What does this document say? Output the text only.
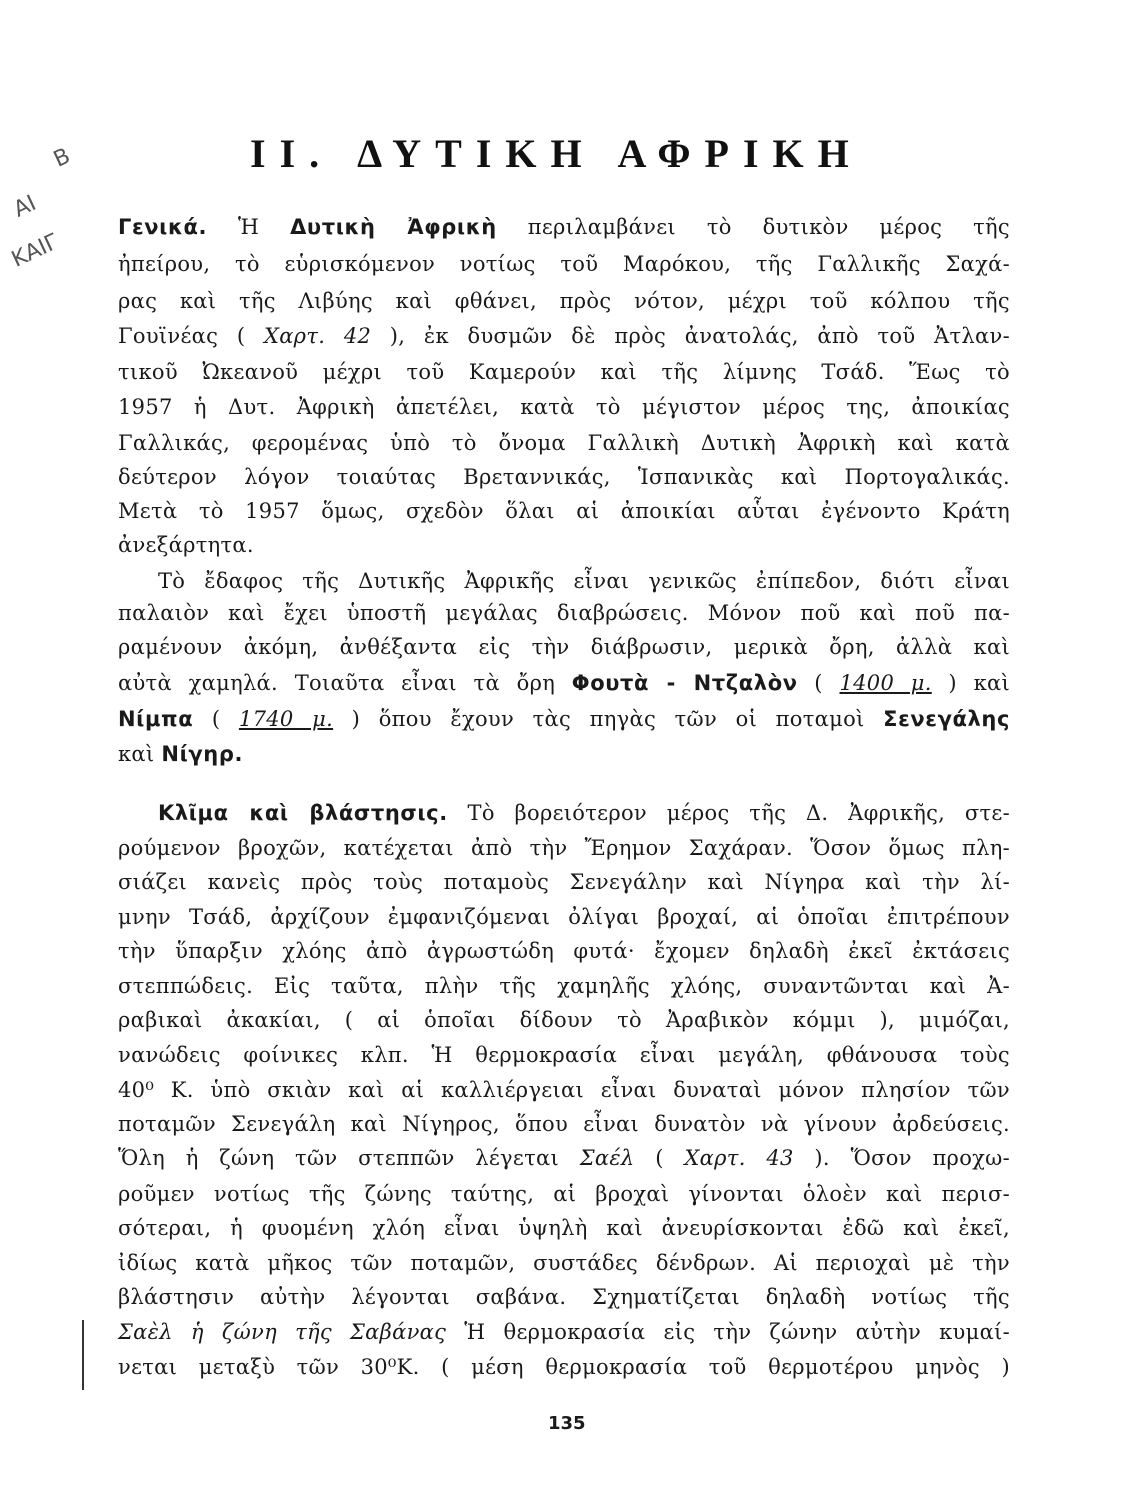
ΑΙ
ΚΑΙΓ
Β	II. ΔΥΤΙΚΗ ΑΦΡΙΚΗ
Γενικά. Ἡ Δυτικὴ Ἀφρικὴ περιλαμβάνει τὸ δυτικὸν μέρος τῆς
ἠπείρου, τὸ εὑρισκόμενον νοτίως τοῦ Μαρόκου, τῆς Γαλλικῆς Σαχά-
ρας καὶ τῆς Λιβύης καὶ φθάνει, πρὸς νότον, μέχρι τοῦ κόλπου τῆς
Γουϊνέας ( Χαρτ. 42 ), ἐκ δυσμῶν δὲ πρὸς ἀνατολάς, ἀπὸ τοῦ Ἀτλαν-
τικοῦ Ὠκεανοῦ μέχρι τοῦ Καμερούν καὶ τῆς λίμνης Τσάδ. Ἕως τὸ
1957 ἡ Δυτ. Ἀφρικὴ ἀπετέλει, κατὰ τὸ μέγιστον μέρος της, ἀποικίας
Γαλλικάς, φερομένας ὑπὸ τὸ ὄνομα Γαλλικὴ Δυτικὴ Ἀφρικὴ καὶ κατὰ
δεύτερον λόγον τοιαύτας Βρεταννικάς, Ἱσπανικὰς καὶ Πορτογαλικάς.
Μετὰ τὸ 1957 ὅμως, σχεδὸν ὅλαι αἱ ἀποικίαι αὗται ἐγένοντο Κράτη
ἀνεξάρτητα.
Τὸ ἔδαφος τῆς Δυτικῆς Ἀφρικῆς εἶναι γενικῶς ἐπίπεδον, διότι εἶναι
παλαιὸν καὶ ἔχει ὑποστῆ μεγάλας διαβρώσεις. Μόνον ποῦ καὶ ποῦ πα-
ραμένουν ἀκόμη, ἀνθέξαντα εἰς τὴν διάβρωσιν, μερικὰ ὄρη, ἀλλὰ καὶ
αὐτὰ χαμηλά. Τοιαῦτα εἶναι τὰ ὄρη Φουτὰ - Ντζαλὸν ( 1400 μ. ) καὶ
Νίμπα ( 1740 μ. ) ὅπου ἔχουν τὰς πηγὰς τῶν οἱ ποταμοὶ Σενεγάλης
καὶ Νίγηρ.
Κλῖμα καὶ βλάστησις. Τὸ βορειότερον μέρος τῆς Δ. Ἀφρικῆς, στε-
ρούμενον βροχῶν, κατέχεται ἀπὸ τὴν Ἔρημον Σαχάραν. Ὅσον ὅμως πλη-
σιάζει κανεὶς πρὸς τοὺς ποταμοὺς Σενεγάλην καὶ Νίγηρα καὶ τὴν λί-
μνην Τσάδ, ἀρχίζουν ἐμφανιζόμεναι ὀλίγαι βροχαί, αἱ ὁποῖαι ἐπιτρέπουν
τὴν ὕπαρξιν χλόης ἀπὸ ἀγρωστώδη φυτά· ἔχομεν δηλαδὴ ἐκεῖ ἐκτάσεις
στεππώδεις. Εἰς ταῦτα, πλὴν τῆς χαμηλῆς χλόης, συναντῶνται καὶ Ἀ-
ραβικαὶ ἀκακίαι, ( αἱ ὁποῖαι δίδουν τὸ Ἀραβικὸν κόμμι ), μιμόζαι,
νανώδεις φοίνικες κλπ. Ἡ θερμοκρασία εἶναι μεγάλη, φθάνουσα τοὺς
40⁰ Κ. ὑπὸ σκιὰν καὶ αἱ καλλιέργειαι εἶναι δυναταὶ μόνον πλησίον τῶν
ποταμῶν Σενεγάλη καὶ Νίγηρος, ὅπου εἶναι δυνατὸν νὰ γίνουν ἀρδεύσεις.
Ὅλη ἡ ζώνη τῶν στεππῶν λέγεται Σαέλ ( Χαρτ. 43 ). Ὅσον προχω-
ροῦμεν νοτίως τῆς ζώνης ταύτης, αἱ βροχαὶ γίνονται ὁλοὲν καὶ περισ-
σότεραι, ἡ φυομένη χλόη εἶναι ὑψηλὴ καὶ ἀνευρίσκονται ἐδῶ καὶ ἐκεῖ,
ἰδίως κατὰ μῆκος τῶν ποταμῶν, συστάδες δένδρων. Αἱ περιοχαὶ μὲ τὴν
βλάστησιν αὐτὴν λέγονται σαβάνα. Σχηματίζεται δηλαδὴ νοτίως τῆς
Σαὲλ ἡ ζώνη τῆς Σαβάνας Ἡ θερμοκρασία εἰς τὴν ζώνην αὐτὴν κυμαί-
νεται μεταξὺ τῶν 30⁰Κ. ( μέση θερμοκρασία τοῦ θερμοτέρου μηνὸς )
135
